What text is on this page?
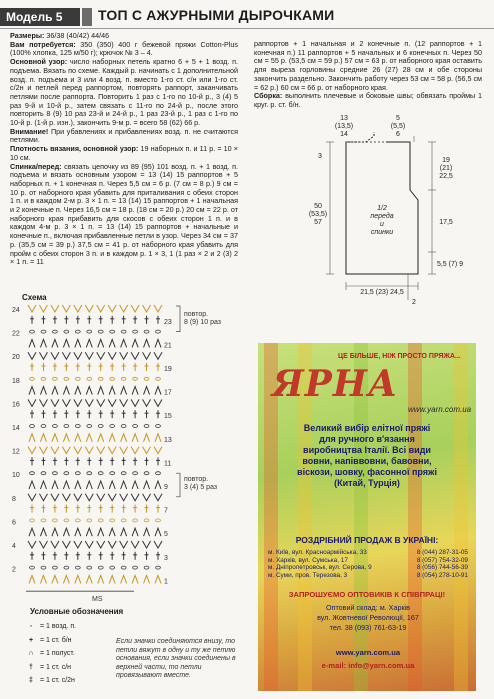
Модель 5	ТОП С АЖУРНЫМИ ДЫРОЧКАМИ

Размеры: 36/38 (40/42) 44/46

Вам потребуется: 350 (350) 400 г бежевой пряжи Cotton-Plus (100% хлопка, 125 м/50 г); крючок № 3 – 4.

Основной узор: число наборных петель кратно 6 + 5 + 1 возд. п. подъема. Вязать по схеме. Каждый р. начинать с 1 дополнительной возд. п. подъема и 3 или 4 возд. п. вместо 1-го ст. с/н или 1-го ст. с/2н и петлей перед раппортом, повторять раппорт, заканчивать петлями после раппорта. Повторить 1 раз с 1-го по 10-й р., 3 (4) 5 раз 9-й и 10-й р., затем связать с 11-го по 24-й р., после этого повторить 8 (9) 10 раз 23-й и 24-й р., 1 раз 23-й р., 1 раз с 1-го по 10-й р. (1-й р. изн.), закончить 9-м р. = всего 58 (62) 66 р.

Внимание! При убавлениях и прибавлениях возд. п. не считаются петлями.

Плотность вязания, основной узор: 19 наборных п. и 11 р. = 10 × 10 см.

Спинка/перед: связать цепочку из 89 (95) 101 возд. п. + 1 возд. п. подъема и вязать основным узором = 13 (14) 15 раппортов + 5 наборных п. + 1 конечная п. Через 5,5 см = 6 р. (7 см = 8 р.) 9 см = 10 р. от наборного края убавить для приталивания с обеих сторон 1 п. и в каждом 2-м р. 3 × 1 п. = 13 (14) 15 раппортов + 1 начальная и 2 конечные п. Через 16,5 см = 18 р. (18 см = 20 р.) 20 см = 22 р. от наборного края прибавить для скосов с обеих сторон 1 п. и в каждом 4-м р. 3 × 1 п. = 13 (14) 15 раппортов + начальные и конечные п., включая прибавленные петли в узор. Через 34 см = 37 р. (35,5 см = 39 р.) 37,5 см = 41 р. от наборного края убавить для пройм с обеих сторон 3 п. и в каждом р. 1 × 3, 1 (1 раз × 2 и 2 (3) 2 × 1 п. = 11

раппортов + 1 начальная и 2 конечные п. (12 раппортов + 1 конечная п.) 11 раппортов + 5 начальных и 6 конечных п. Через 50 см = 55 р. (53,5 см = 59 р.) 57 см = 63 р. от наборного края оставить для выреза горловины средние 26 (27) 28 см и обе стороны закончить раздельно. Закончить работу через 53 см = 58 р. (56,5 см = 62 р.) 60 см = 66 р. от наборного края.

Сборка: выполнить плечевые и боковые швы; обвязать проймы 1 круг. р. ст. б/н.

13
(13,5)
14
5
(5,5)
6
3
19
(21)
22,5
17,5
5,5 (7) 9
50
(53,5)
57
1/2
переда
и
спинки
21,5 (23) 24,5
2
Схема
24
23
22
21
20
19
18
17
16
15
14
13
12
11
10
9
8
7
6
5
4
3
2
1
MS
повтор.
8 (9) 10 раз
повтор.
3 (4) 5 раз
Условные обозначения
◦ = 1 возд. п.
+ = 1 ст. б/н
∩ = 1 полуст.
† = 1 ст. с/н
‡ = 1 ст. с/2н
Если значки соединяются внизу, то петли вяжут в одну и ту же петлю основания, если значки соединены в верхней части, то петли провязывают вместе.
ЦЕ БІЛЬШЕ, НІЖ ПРОСТО ПРЯЖА...
ЯРНА
www.yarn.com.ua
Великий вибір елітної пряжі
для ручного в'язання
виробництва Італії. Всі види
вовни, напіввовни, бавовни,
віскози, шовку, фасонної пряжі
(Китай, Турція)
РОЗДРІБНИЙ ПРОДАЖ В УКРАЇНІ:
м. Київ, вул. Красноармійська, 33	8 (044) 287-31-05
м. Харків, вул. Сумська, 17	8 (057) 754-32-09
м. Дніпропетровськ, вул. Серова, 9	8 (056) 744-56-39
м. Суми, пров. Терезова, 3	8 (054) 278-10-91
ЗАПРОШУЄМО ОПТОВИКІВ К СПІВПРАЦІ!
Оптовий склад: м. Харків
вул. Жовтневої Революції, 167
тел. 38 (093) 761-63-19
www.yarn.com.ua
e-mail: info@yarn.com.ua
